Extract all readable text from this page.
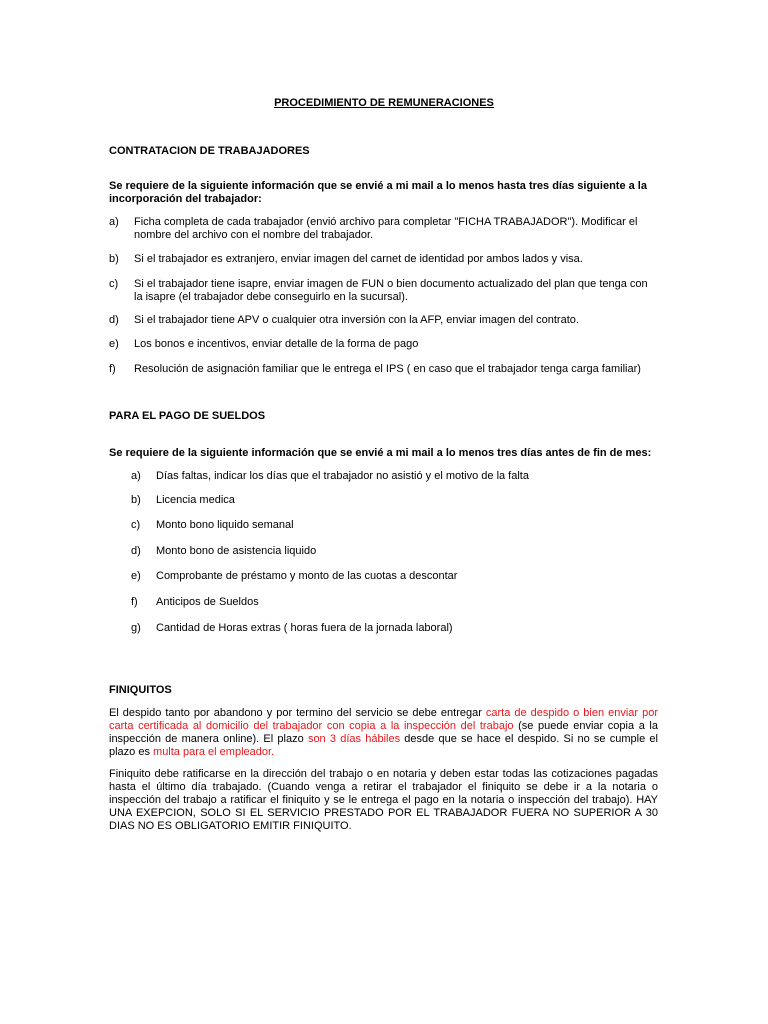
PROCEDIMIENTO DE REMUNERACIONES
CONTRATACION DE TRABAJADORES
Se requiere de la siguiente información que se envié a mi mail a lo menos hasta tres días siguiente a la incorporación del trabajador:
a) Ficha completa de cada trabajador (envió archivo para completar "FICHA TRABAJADOR"). Modificar el nombre del archivo con el nombre del trabajador.
b) Si el trabajador es extranjero, enviar imagen del carnet de identidad por ambos lados y visa.
c) Si el trabajador tiene isapre, enviar imagen de FUN o bien documento actualizado del plan que tenga con la isapre (el trabajador debe conseguirlo en la sucursal).
d) Si el trabajador tiene APV o cualquier otra inversión con la AFP, enviar imagen del contrato.
e) Los bonos e incentivos, enviar detalle de la forma de pago
f) Resolución de asignación familiar que le entrega el IPS ( en caso que el trabajador tenga carga familiar)
PARA EL PAGO DE SUELDOS
Se requiere de la siguiente información que se envié a mi mail a lo menos tres días antes de fin de mes:
a) Días faltas, indicar los días que el trabajador no asistió y el motivo de la falta
b) Licencia medica
c) Monto bono liquido semanal
d) Monto bono de asistencia liquido
e) Comprobante de préstamo y monto de las cuotas a descontar
f) Anticipos de Sueldos
g) Cantidad de Horas extras ( horas fuera de la jornada laboral)
FINIQUITOS
El despido tanto por abandono y por termino del servicio se debe entregar carta de despido o bien enviar por carta certificada al domicilio del trabajador con copia a la inspección del trabajo (se puede enviar copia a la inspección de manera online). El plazo son 3 días hábiles desde que se hace el despido. Si no se cumple el plazo es multa para el empleador.
Finiquito debe ratificarse en la dirección del trabajo o en notaria y deben estar todas las cotizaciones pagadas hasta el último día trabajado. (Cuando venga a retirar el trabajador el finiquito se debe ir a la notaria o inspección del trabajo a ratificar el finiquito y se le entrega el pago en la notaria o inspección del trabajo). HAY UNA EXEPCION, SOLO SI EL SERVICIO PRESTADO POR EL TRABAJADOR FUERA NO SUPERIOR A 30 DIAS NO ES OBLIGATORIO EMITIR FINIQUITO.
